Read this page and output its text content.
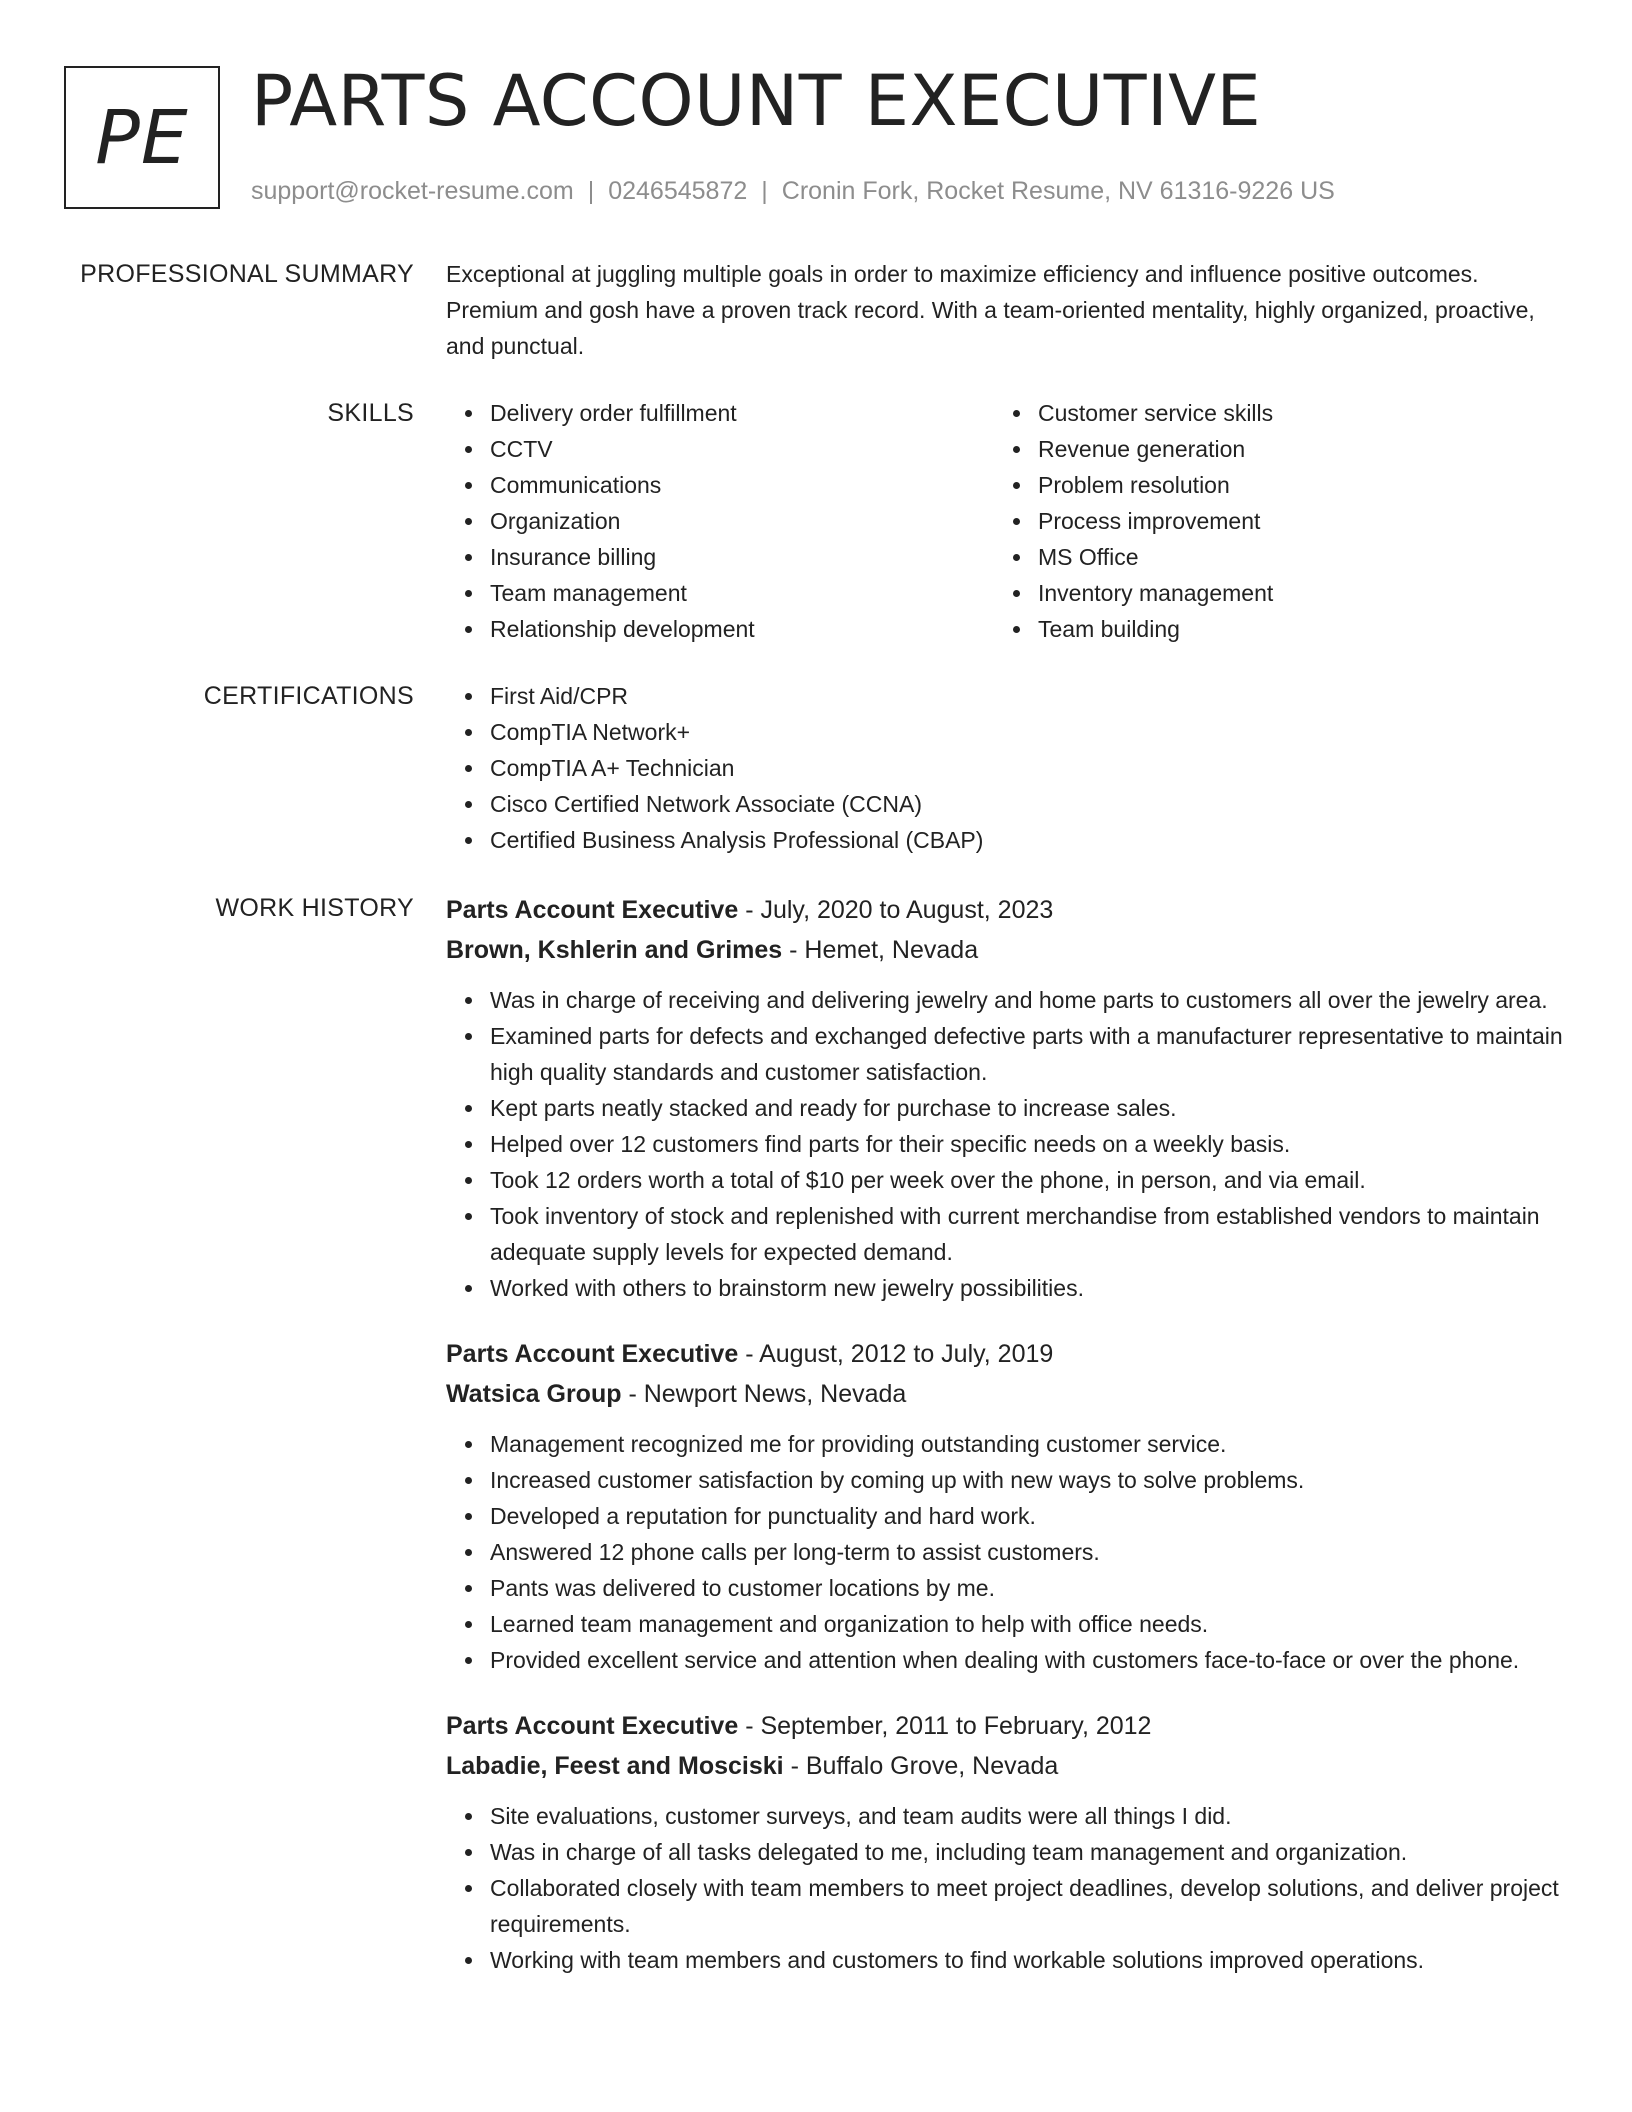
PE PARTS ACCOUNT EXECUTIVE
support@rocket-resume.com | 0246545872 | Cronin Fork, Rocket Resume, NV 61316-9226 US
PROFESSIONAL SUMMARY Exceptional at juggling multiple goals in order to maximize efficiency and influence positive outcomes. Premium and gosh have a proven track record. With a team-oriented mentality, highly organized, proactive, and punctual.
SKILLS	Delivery order fulfillment
CCTV
Communications
Organization
Insurance billing
Team management
Relationship development
Customer service skills
Revenue generation
Problem resolution
Process improvement
MS Office
Inventory management
Team building
CERTIFICATIONS	First Aid/CPR
CompTIA Network+
CompTIA A+ Technician
Cisco Certified Network Associate (CCNA)
Certified Business Analysis Professional (CBAP)
WORK HISTORY Parts Account Executive - July, 2020 to August, 2023
Brown, Kshlerin and Grimes - Hemet, Nevada
Was in charge of receiving and delivering jewelry and home parts to customers all over the jewelry area.
Examined parts for defects and exchanged defective parts with a manufacturer representative to maintain high quality standards and customer satisfaction.
Kept parts neatly stacked and ready for purchase to increase sales.
Helped over 12 customers find parts for their specific needs on a weekly basis.
Took 12 orders worth a total of $10 per week over the phone, in person, and via email.
Took inventory of stock and replenished with current merchandise from established vendors to maintain adequate supply levels for expected demand.
Worked with others to brainstorm new jewelry possibilities.
Parts Account Executive - August, 2012 to July, 2019
Watsica Group - Newport News, Nevada
Management recognized me for providing outstanding customer service.
Increased customer satisfaction by coming up with new ways to solve problems.
Developed a reputation for punctuality and hard work.
Answered 12 phone calls per long-term to assist customers.
Pants was delivered to customer locations by me.
Learned team management and organization to help with office needs.
Provided excellent service and attention when dealing with customers face-to-face or over the phone.
Parts Account Executive - September, 2011 to February, 2012
Labadie, Feest and Mosciski - Buffalo Grove, Nevada
Site evaluations, customer surveys, and team audits were all things I did.
Was in charge of all tasks delegated to me, including team management and organization.
Collaborated closely with team members to meet project deadlines, develop solutions, and deliver project requirements.
Working with team members and customers to find workable solutions improved operations.
